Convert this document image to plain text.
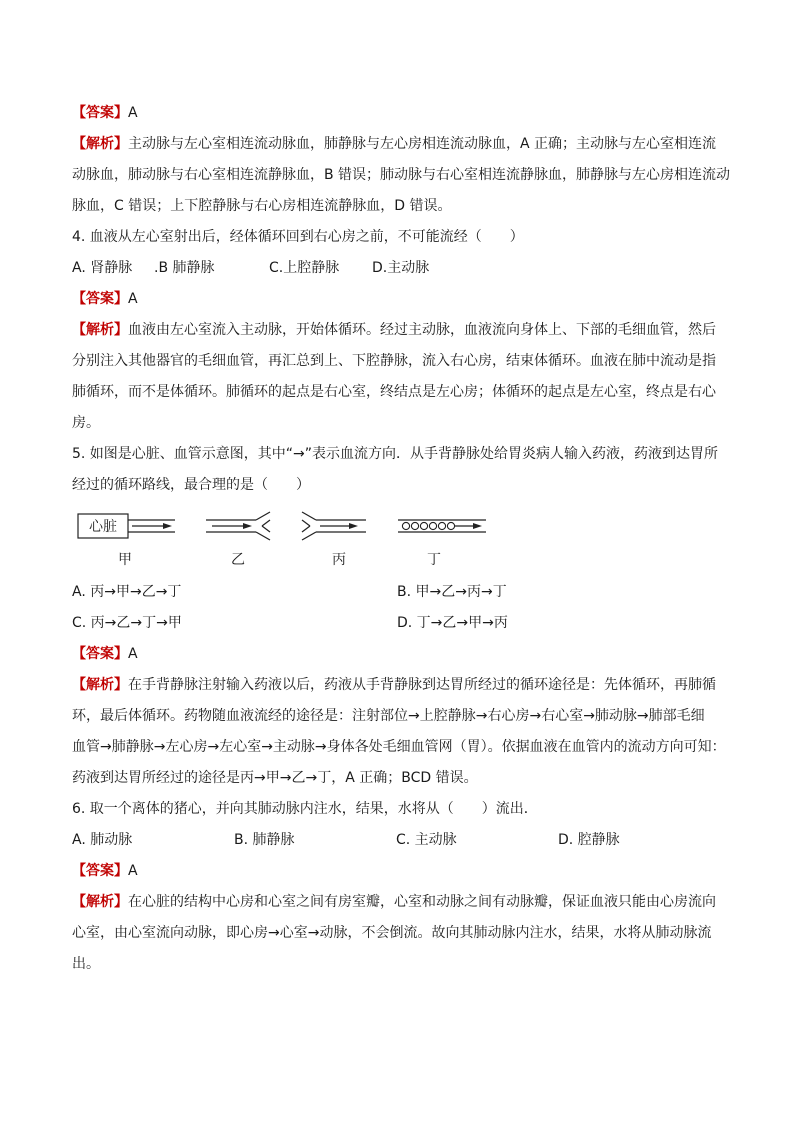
【答案】A
【解析】主动脉与左心室相连流动脉血，肺静脉与左心房相连流动脉血，A 正确；主动脉与左心室相连流
动脉血，肺动脉与右心室相连流静脉血，B 错误；肺动脉与右心室相连流静脉血，肺静脉与左心房相连流动
脉血，C 错误；上下腔静脉与右心房相连流静脉血，D 错误。
4. 血液从左心室射出后，经体循环回到右心房之前，不可能流经（　　）
A. 肾静脉	.B 肺静脉	C.上腔静脉	D.主动脉
【答案】A
【解析】血液由左心室流入主动脉，开始体循环。经过主动脉，血液流向身体上、下部的毛细血管，然后
分别注入其他器官的毛细血管，再汇总到上、下腔静脉，流入右心房，结束体循环。血液在肺中流动是指
肺循环，而不是体循环。肺循环的起点是右心室，终结点是左心房；体循环的起点是左心室，终点是右心
房。
5. 如图是心脏、血管示意图，其中“→”表示血流方向．从手背静脉处给胃炎病人输入药液，药液到达胃所
经过的循环路线，最合理的是（　　）
心脏
甲	乙	丙	丁
A. 丙→甲→乙→丁	B. 甲→乙→丙→丁
C. 丙→乙→丁→甲	D. 丁→乙→甲→丙
【答案】A
【解析】在手背静脉注射输入药液以后，药液从手背静脉到达胃所经过的循环途径是：先体循环，再肺循
环，最后体循环。药物随血液流经的途径是：注射部位→上腔静脉→右心房→右心室→肺动脉→肺部毛细
血管→肺静脉→左心房→左心室→主动脉→身体各处毛细血管网（胃）。依据血液在血管内的流动方向可知：
药液到达胃所经过的途径是丙→甲→乙→丁，A 正确；BCD 错误。
6. 取一个离体的猪心，并向其肺动脉内注水，结果，水将从（　　）流出．
A. 肺动脉	B. 肺静脉	C. 主动脉	D. 腔静脉
【答案】A
【解析】在心脏的结构中心房和心室之间有房室瓣，心室和动脉之间有动脉瓣，保证血液只能由心房流向
心室，由心室流向动脉，即心房→心室→动脉，不会倒流。故向其肺动脉内注水，结果，水将从肺动脉流
出。
